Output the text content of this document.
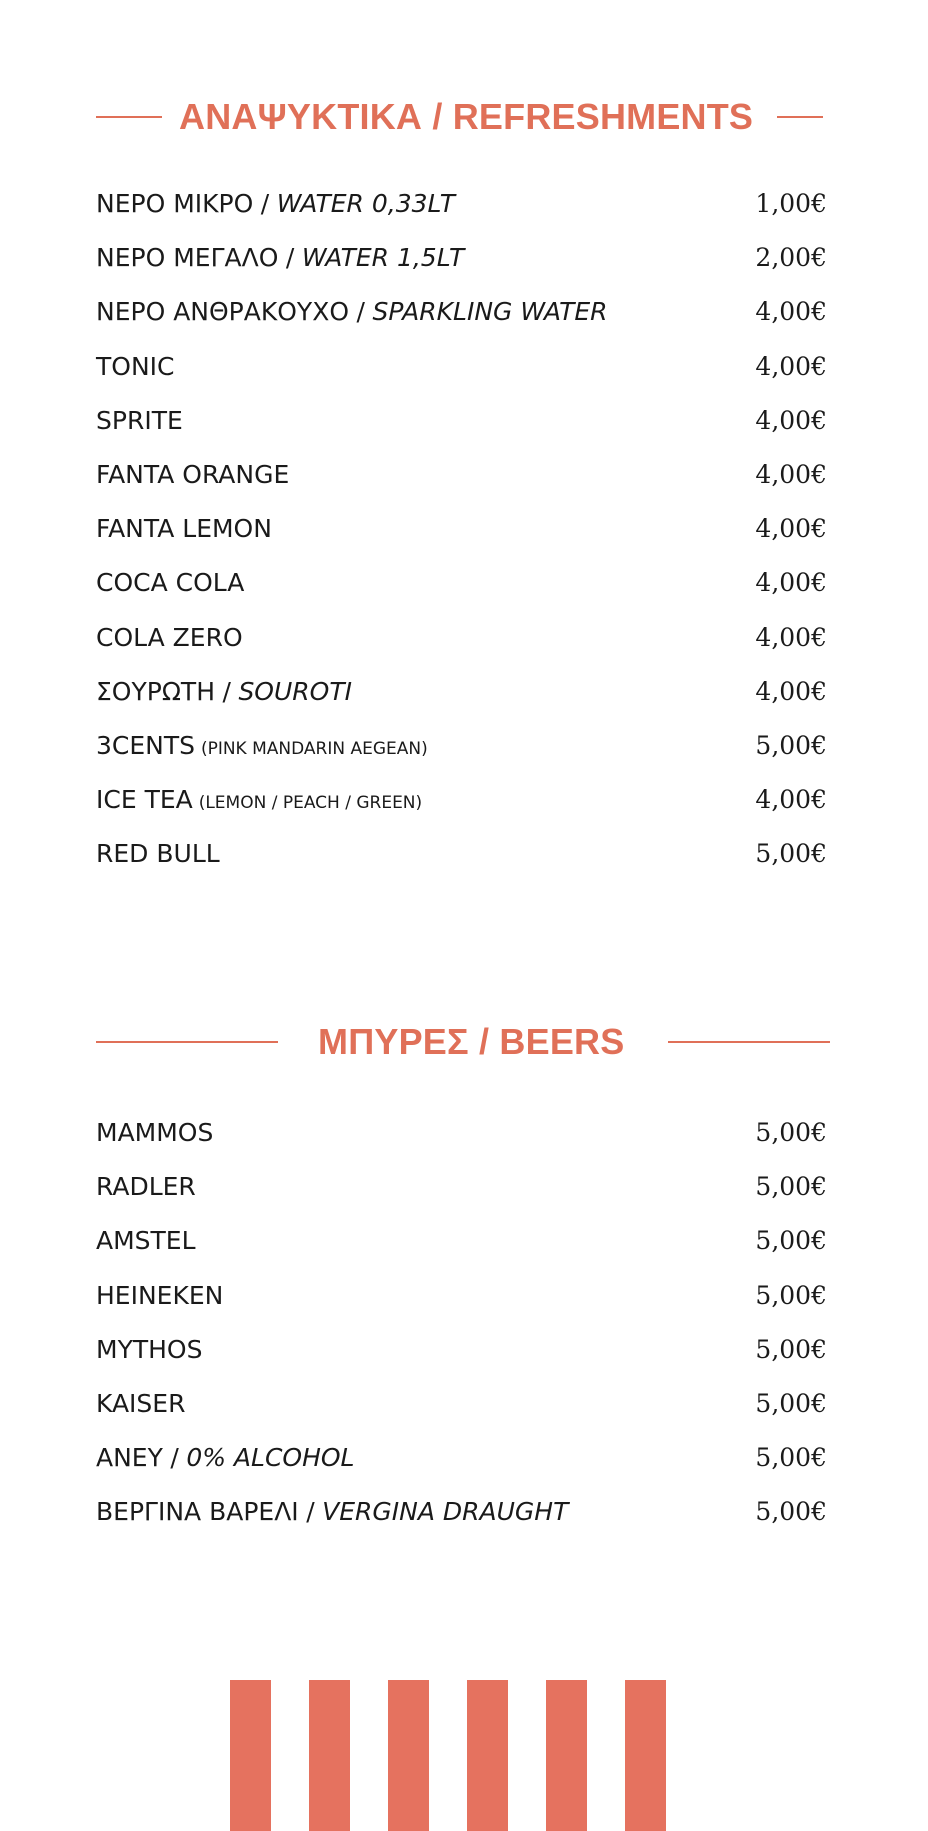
ΑΝΑΨΥΚΤΙΚΑ / REFRESHMENTS
ΝΕΡΟ ΜΙΚΡΟ / WATER 0,33LT	1,00€
ΝΕΡΟ ΜΕΓΑΛΟ / WATER 1,5LT	2,00€
ΝΕΡΟ ΑΝΘΡΑΚΟΥΧΟ / SPARKLING WATER	4,00€
TONIC	4,00€
SPRITE	4,00€
FANTA ORANGE	4,00€
FANTA LEMON	4,00€
COCA COLA	4,00€
COLA ZERO	4,00€
ΣΟΥΡΩΤΗ / SOUROTI	4,00€
3CENTS (PINK MANDARIN AEGEAN)	5,00€
ICE TEA (LEMON / PEACH / GREEN)	4,00€
RED BULL	5,00€
ΜΠΥΡΕΣ / BEERS
MAMMOS	5,00€
RADLER	5,00€
AMSTEL	5,00€
HEINEKEN	5,00€
MYTHOS	5,00€
KAISER	5,00€
ΑΝΕΥ / 0% ALCOHOL	5,00€
ΒΕΡΓΙΝΑ ΒΑΡΕΛΙ / VERGINA DRAUGHT	5,00€
